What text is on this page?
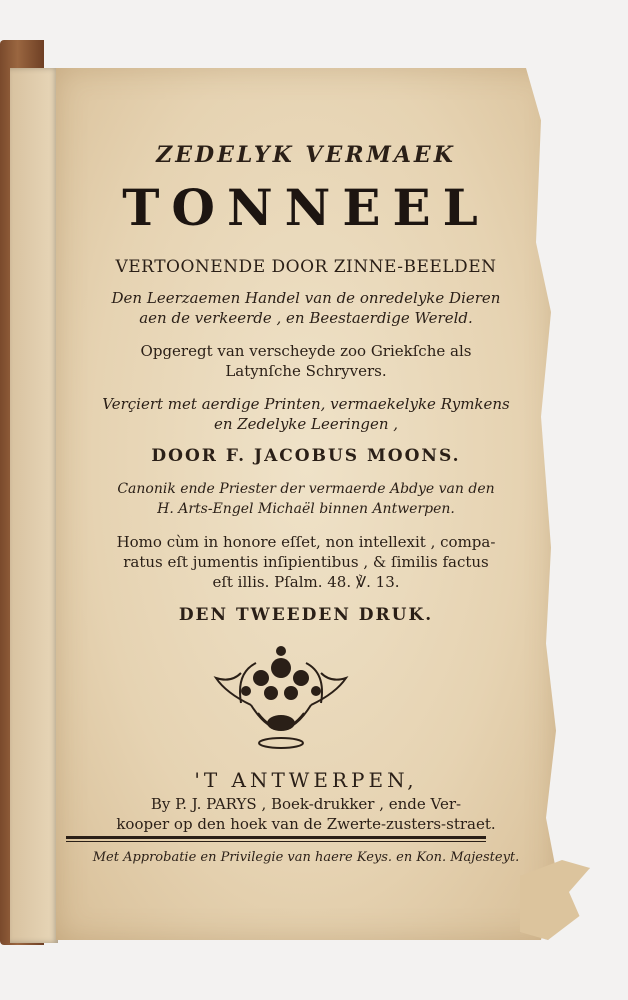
ZEDELYK VERMAEK
TONNEEL
VERTOONENDE DOOR ZINNE-BEELDEN
Den Leerzaemen Handel van de onredelyke Dieren
aen de verkeerde , en Beestaerdige Wereld.
Opgeregt van verscheyde zoo Griekſche als
Latynſche Schryvers.
Verçiert met aerdige Printen, vermaekelyke Rymkens
en Zedelyke Leeringen ,
DOOR F. JACOBUS MOONS.
Canonik ende Priester der vermaerde Abdye van den
H. Arts-Engel Michaël binnen Antwerpen.
Homo cùm in honore eſſet, non intellexit , compa-
ratus eſt jumentis inſipientibus , & ſimilis factus
eſt illis. Pſalm. 48. ℣. 13.
DEN TWEEDEN DRUK.
'T ANTWERPEN,
By P. J. PARYS , Boek-drukker , ende Ver-
kooper op den hoek van de Zwerte-zusters-straet.
Met Approbatie en Privilegie van haere Keys. en Kon. Majesteyt.
